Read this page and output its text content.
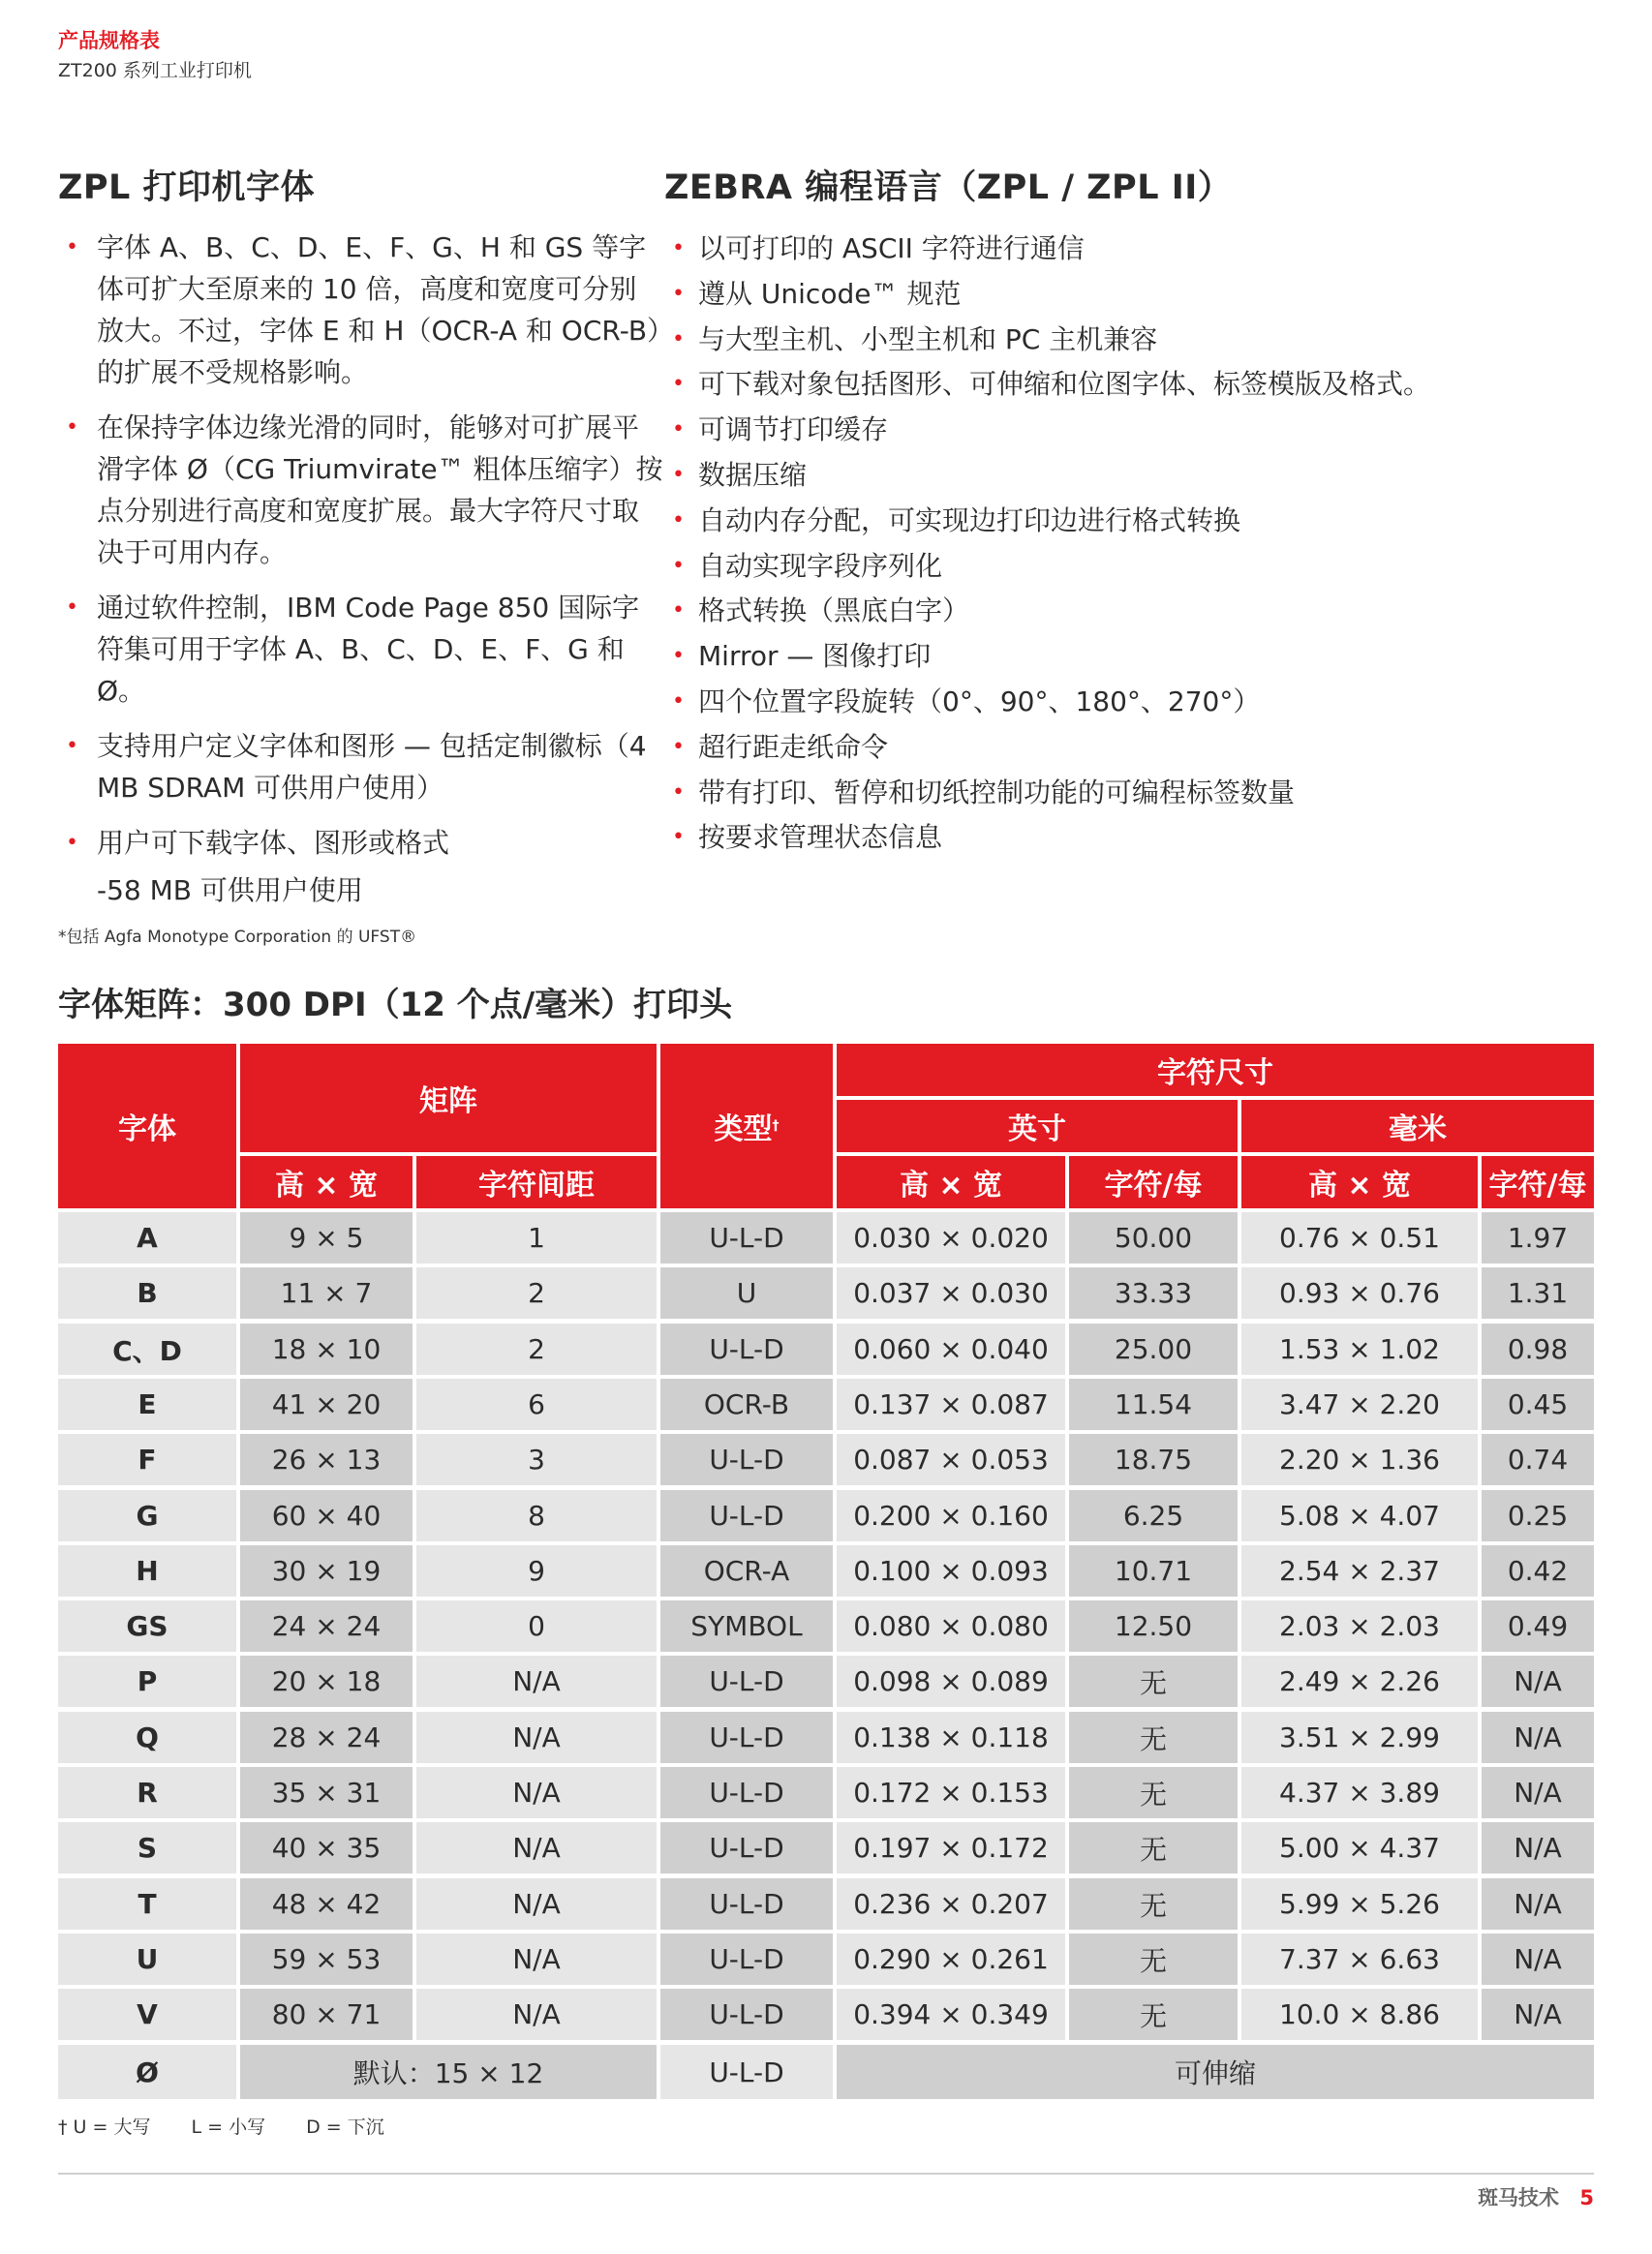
产品规格表
ZT200 系列工业打印机
ZPL 打印机字体
• 字体 A、B、C、D、E、F、G、H 和 GS 等字体可扩大至原来的 10 倍，高度和宽度可分别放大。不过，字体 E 和 H（OCR-A 和 OCR-B）的扩展不受规格影响。
• 在保持字体边缘光滑的同时，能够对可扩展平滑字体 Ø（CG Triumvirate™ 粗体压缩字）按点分别进行高度和宽度扩展。最大字符尺寸取决于可用内存。
• 通过软件控制，IBM Code Page 850 国际字符集可用于字体 A、B、C、D、E、F、G 和 Ø。
• 支持用户定义字体和图形 — 包括定制徽标（4 MB SDRAM 可供用户使用）
• 用户可下载字体、图形或格式
-58 MB 可供用户使用
*包括 Agfa Monotype Corporation 的 UFST®
ZEBRA 编程语言（ZPL / ZPL II）
• 以可打印的 ASCII 字符进行通信
• 遵从 Unicode™ 规范
• 与大型主机、小型主机和 PC 主机兼容
• 可下载对象包括图形、可伸缩和位图字体、标签模版及格式。
• 可调节打印缓存
• 数据压缩
• 自动内存分配，可实现边打印边进行格式转换
• 自动实现字段序列化
• 格式转换（黑底白字）
• Mirror — 图像打印
• 四个位置字段旋转（0°、90°、180°、270°）
• 超行距走纸命令
• 带有打印、暂停和切纸控制功能的可编程标签数量
• 按要求管理状态信息
字体矩阵：300 DPI（12 个点/毫米）打印头
字体
矩阵
高 × 宽	字符间距
类型 †
字符尺寸
英寸	毫米
高 × 宽	字符/每	高 × 宽	字符/每
A	9 × 5	1	U-L-D	0.030 × 0.020 50.00	0.76 × 0.51 1.97
B	11 × 7	2	U	0.037 × 0.030 33.33	0.93 × 0.76 1.31
C、D	18 × 10	2	U-L-D	0.060 × 0.040 25.00	1.53 × 1.02 0.98
E	41 × 20	6	OCR-B 0.137 × 0.087 11.54	3.47 × 2.20 0.45
F	26 × 13	3	U-L-D	0.087 × 0.053 18.75	2.20 × 1.36 0.74
G	60 × 40	8	U-L-D	0.200 × 0.160	6.25	5.08 × 4.07 0.25
H	30 × 19	9	OCR-A 0.100 × 0.093 10.71	2.54 × 2.37 0.42
GS	24 × 24	0	SYMBOL 0.080 × 0.080 12.50	2.03 × 2.03 0.49
P	20 × 18	N/A	U-L-D	0.098 × 0.089	无	2.49 × 2.26	N/A
Q	28 × 24	N/A	U-L-D	0.138 × 0.118	无	3.51 × 2.99	N/A
R	35 × 31	N/A	U-L-D	0.172 × 0.153	无	4.37 × 3.89	N/A
S	40 × 35	N/A	U-L-D	0.197 × 0.172	无	5.00 × 4.37	N/A
T	48 × 42	N/A	U-L-D	0.236 × 0.207	无	5.99 × 5.26	N/A
U	59 × 53	N/A	U-L-D	0.290 × 0.261	无	7.37 × 6.63	N/A
V	80 × 71	N/A	U-L-D	0.394 × 0.349	无	10.0 × 8.86	N/A
Ø	默认：15 × 12	U-L-D	可伸缩
† U = 大写 L = 小写 D = 下沉
斑马技术 5
